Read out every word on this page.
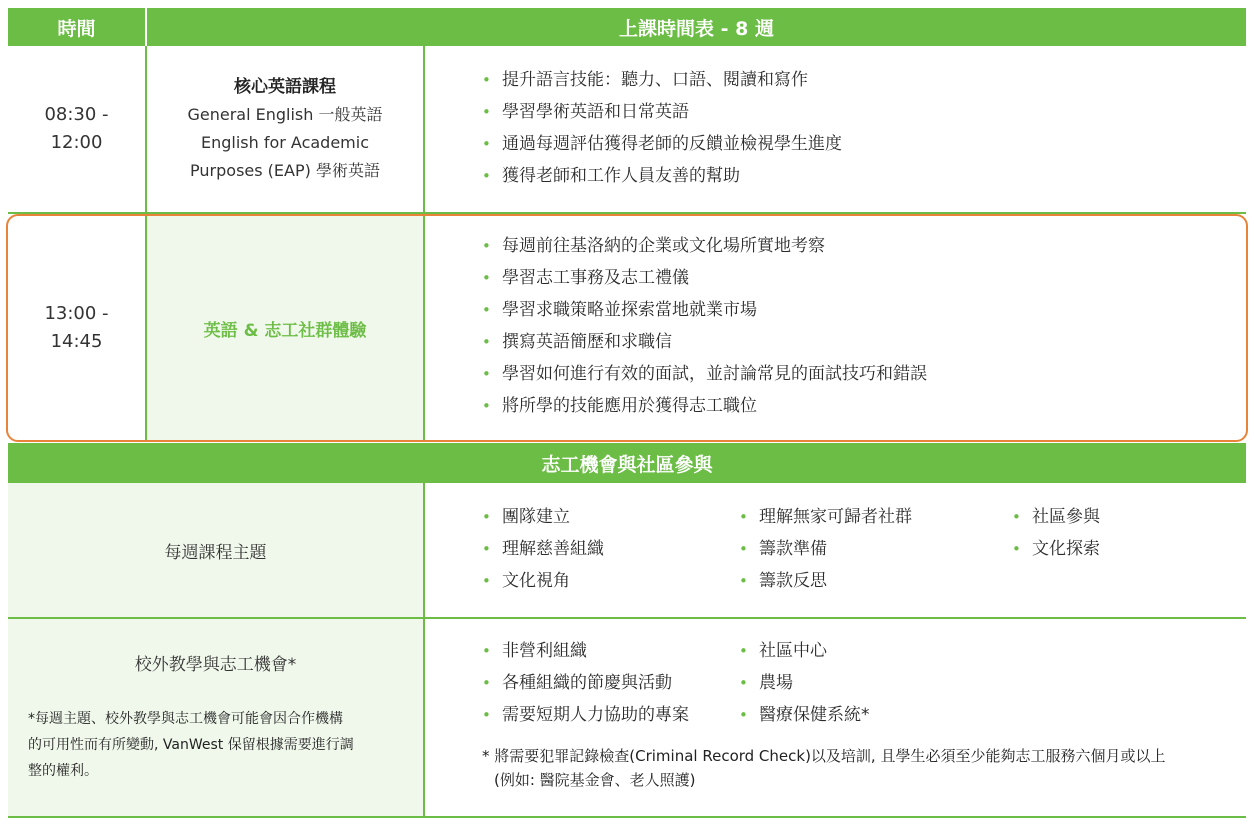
時間	上課時間表 - 8 週
08:30 -
12:00
核心英語課程
General English 一般英語
English for Academic
Purposes (EAP) 學術英語
• 提升語言技能：聽力、口語、閱讀和寫作
• 學習學術英語和日常英語
• 通過每週評估獲得老師的反饋並檢視學生進度
• 獲得老師和工作人員友善的幫助
13:00 -
14:45
英語 & 志工社群體驗
• 每週前往基洛納的企業或文化場所實地考察
• 學習志工事務及志工禮儀
• 學習求職策略並探索當地就業市場
• 撰寫英語簡歷和求職信
• 學習如何進行有效的面試，並討論常見的面試技巧和錯誤
• 將所學的技能應用於獲得志工職位
志工機會與社區參與
每週課程主題
• 團隊建立
• 理解慈善組織
• 文化視角
• 理解無家可歸者社群
• 籌款準備
• 籌款反思
• 社區參與
• 文化探索
校外教學與志工機會*
*每週主題、校外教學與志工機會可能會因合作機構
的可用性而有所變動, VanWest 保留根據需要進行調
整的權利。
• 非營利組織
• 各種組織的節慶與活動
• 需要短期人力協助的專案
• 社區中心
• 農場
• 醫療保健系統*
* 將需要犯罪記錄檢查(Criminal Record Check)以及培訓, 且學生必須至少能夠志工服務六個月或以上
(例如: 醫院基金會、老人照護)
